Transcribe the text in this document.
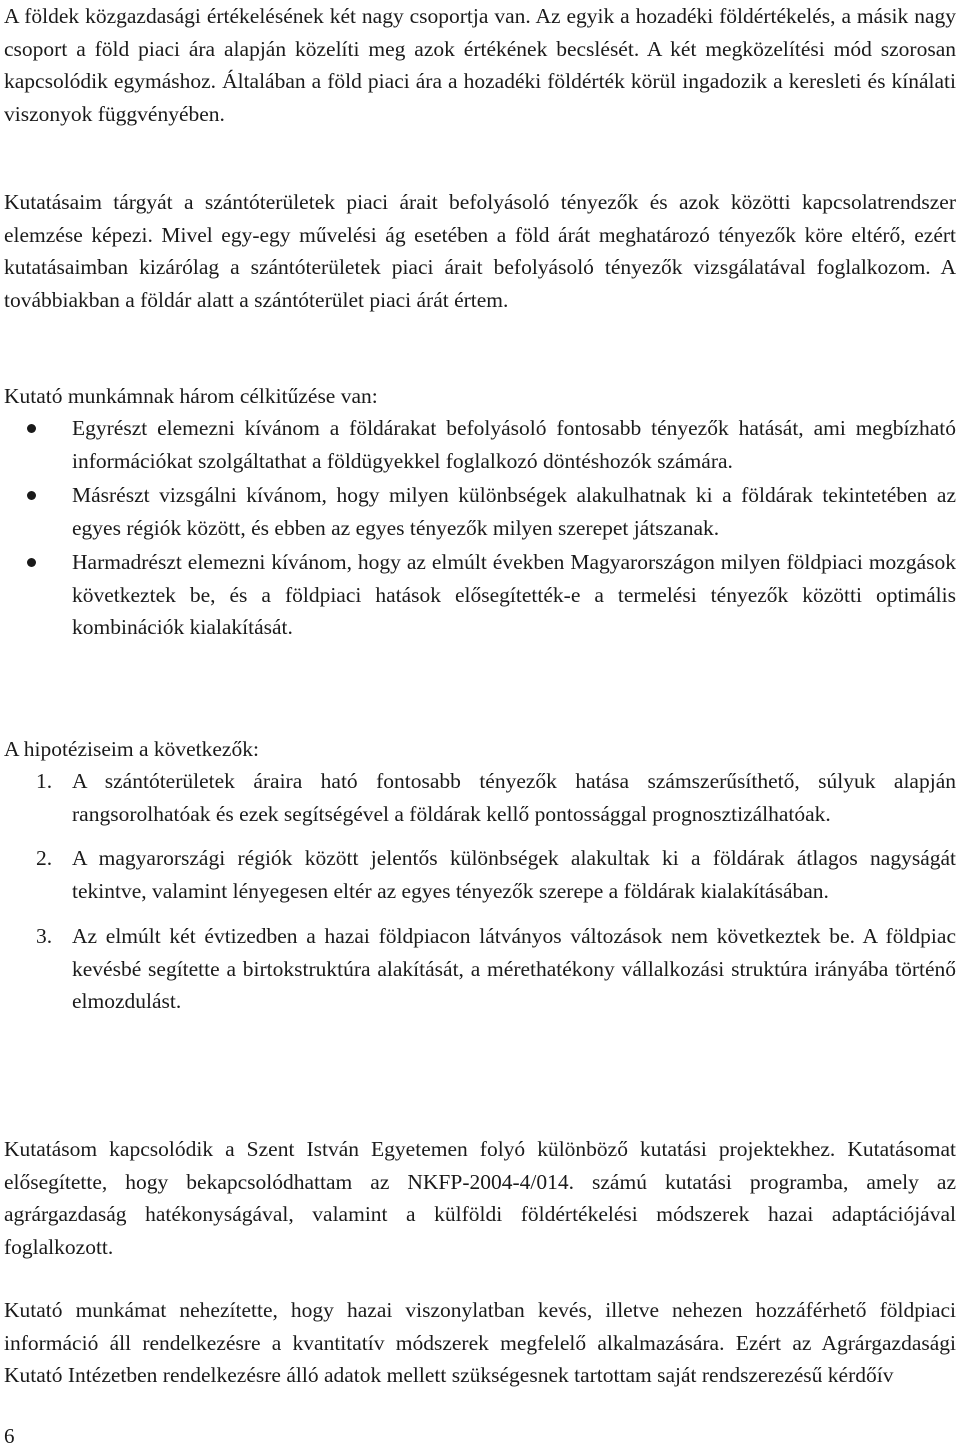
A földek közgazdasági értékelésének két nagy csoportja van. Az egyik a hozadéki földértékelés, a másik nagy csoport a föld piaci ára alapján közelíti meg azok értékének becslését. A két megközelítési mód szorosan kapcsolódik egymáshoz. Általában a föld piaci ára a hozadéki földérték körül ingadozik a keresleti és kínálati viszonyok függvényében.

Kutatásaim tárgyát a szántóterületek piaci árait befolyásoló tényezők és azok közötti kapcsolatrendszer elemzése képezi. Mivel egy-egy művelési ág esetében a föld árát meghatározó tényezők köre eltérő, ezért kutatásaimban kizárólag a szántóterületek piaci árait befolyásoló tényezők vizsgálatával foglalkozom. A továbbiakban a földár alatt a szántóterület piaci árát értem.

Kutató munkámnak három célkitűzése van:

Egyrészt elemezni kívánom a földárakat befolyásoló fontosabb tényezők hatását, ami megbízható információkat szolgáltathat a földügyekkel foglalkozó döntéshozók számára.
Másrészt vizsgálni kívánom, hogy milyen különbségek alakulhatnak ki a földárak tekintetében az egyes régiók között, és ebben az egyes tényezők milyen szerepet játszanak.
Harmadrészt elemezni kívánom, hogy az elmúlt években Magyarországon milyen földpiaci mozgások következtek be, és a földpiaci hatások elősegítették-e a termelési tényezők közötti optimális kombinációk kialakítását.

A hipotéziseim a következők:

1. A szántóterületek áraira ható fontosabb tényezők hatása számszerűsíthető, súlyuk alapján rangsorolhatóak és ezek segítségével a földárak kellő pontossággal prognosztizálhatóak.
2. A magyarországi régiók között jelentős különbségek alakultak ki a földárak átlagos nagyságát tekintve, valamint lényegesen eltér az egyes tényezők szerepe a földárak kialakításában.
3. Az elmúlt két évtizedben a hazai földpiacon látványos változások nem következtek be. A földpiac kevésbé segítette a birtokstruktúra alakítását, a mérethatékony vállalkozási struktúra irányába történő elmozdulást.

Kutatásom kapcsolódik a Szent István Egyetemen folyó különböző kutatási projektekhez. Kutatásomat elősegítette, hogy bekapcsolódhattam az NKFP-2004-4/014. számú kutatási programba, amely az agrárgazdaság hatékonyságával, valamint a külföldi földértékelési módszerek hazai adaptációjával foglalkozott.

Kutató munkámat nehezítette, hogy hazai viszonylatban kevés, illetve nehezen hozzáférhető földpiaci információ áll rendelkezésre a kvantitatív módszerek megfelelő alkalmazására. Ezért az Agrárgazdasági Kutató Intézetben rendelkezésre álló adatok mellett szükségesnek tartottam saját rendszerezésű kérdőív

6
